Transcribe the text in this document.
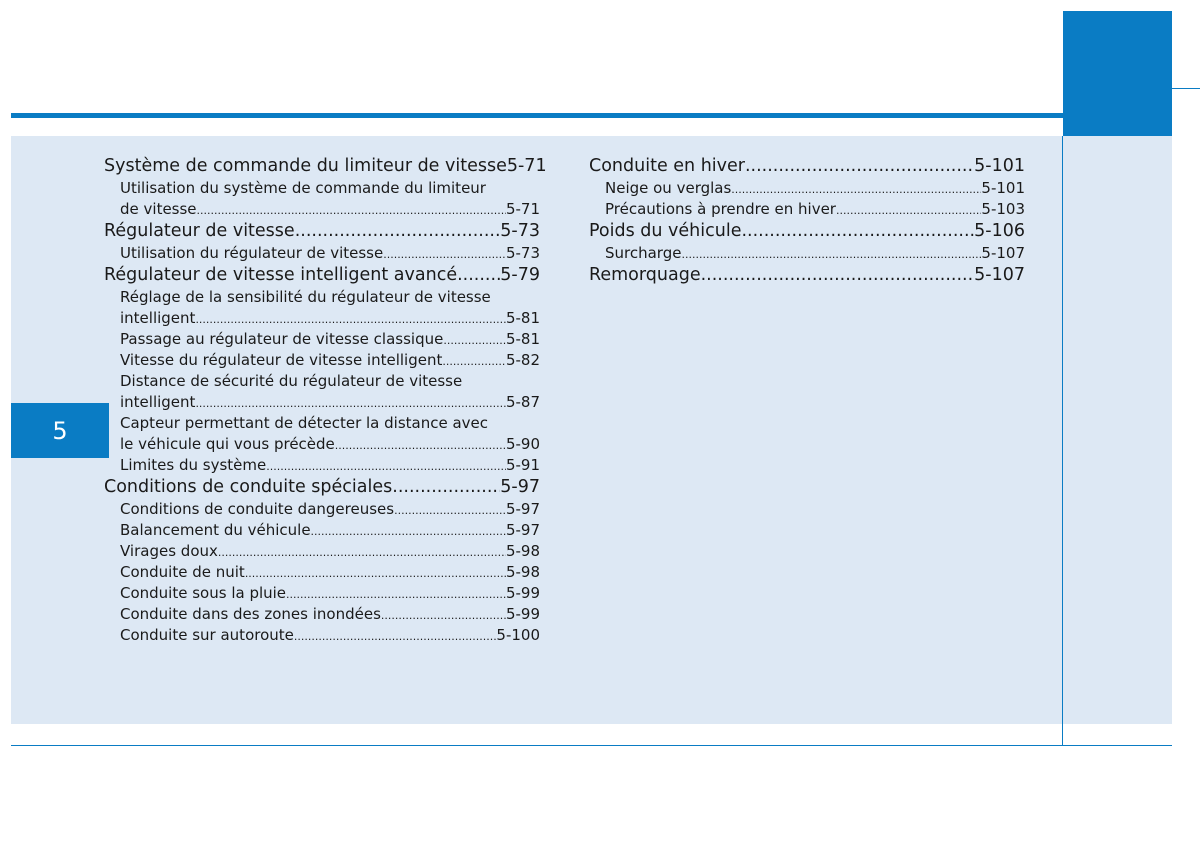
5
Système de commande du limiteur de vitesse 5-71
Utilisation du système de commande du limiteur
de vitesse .....	5-71
Régulateur de vitesse .....	5-73
Utilisation du régulateur de vitesse .....	5-73
Régulateur de vitesse intelligent avancé ..... 5-79
Réglage de la sensibilité du régulateur de vitesse
intelligent .....	5-81
Passage au régulateur de vitesse classique .....	5-81
Vitesse du régulateur de vitesse intelligent .....	5-82
Distance de sécurité du régulateur de vitesse
intelligent .....	5-87
Capteur permettant de détecter la distance avec
le véhicule qui vous précède .....	5-90
Limites du système .....	5-91
Conditions de conduite spéciales .....	5-97
Conditions de conduite dangereuses .....	5-97
Balancement du véhicule .....	5-97
Virages doux .....	5-98
Conduite de nuit .....	5-98
Conduite sous la pluie .....	5-99
Conduite dans des zones inondées .....	5-99
Conduite sur autoroute .....	5-100
Conduite en hiver .....	5-101
Neige ou verglas .....	5-101
Précautions à prendre en hiver .....	5-103
Poids du véhicule .....	5-106
Surcharge .....	5-107
Remorquage .....	5-107
